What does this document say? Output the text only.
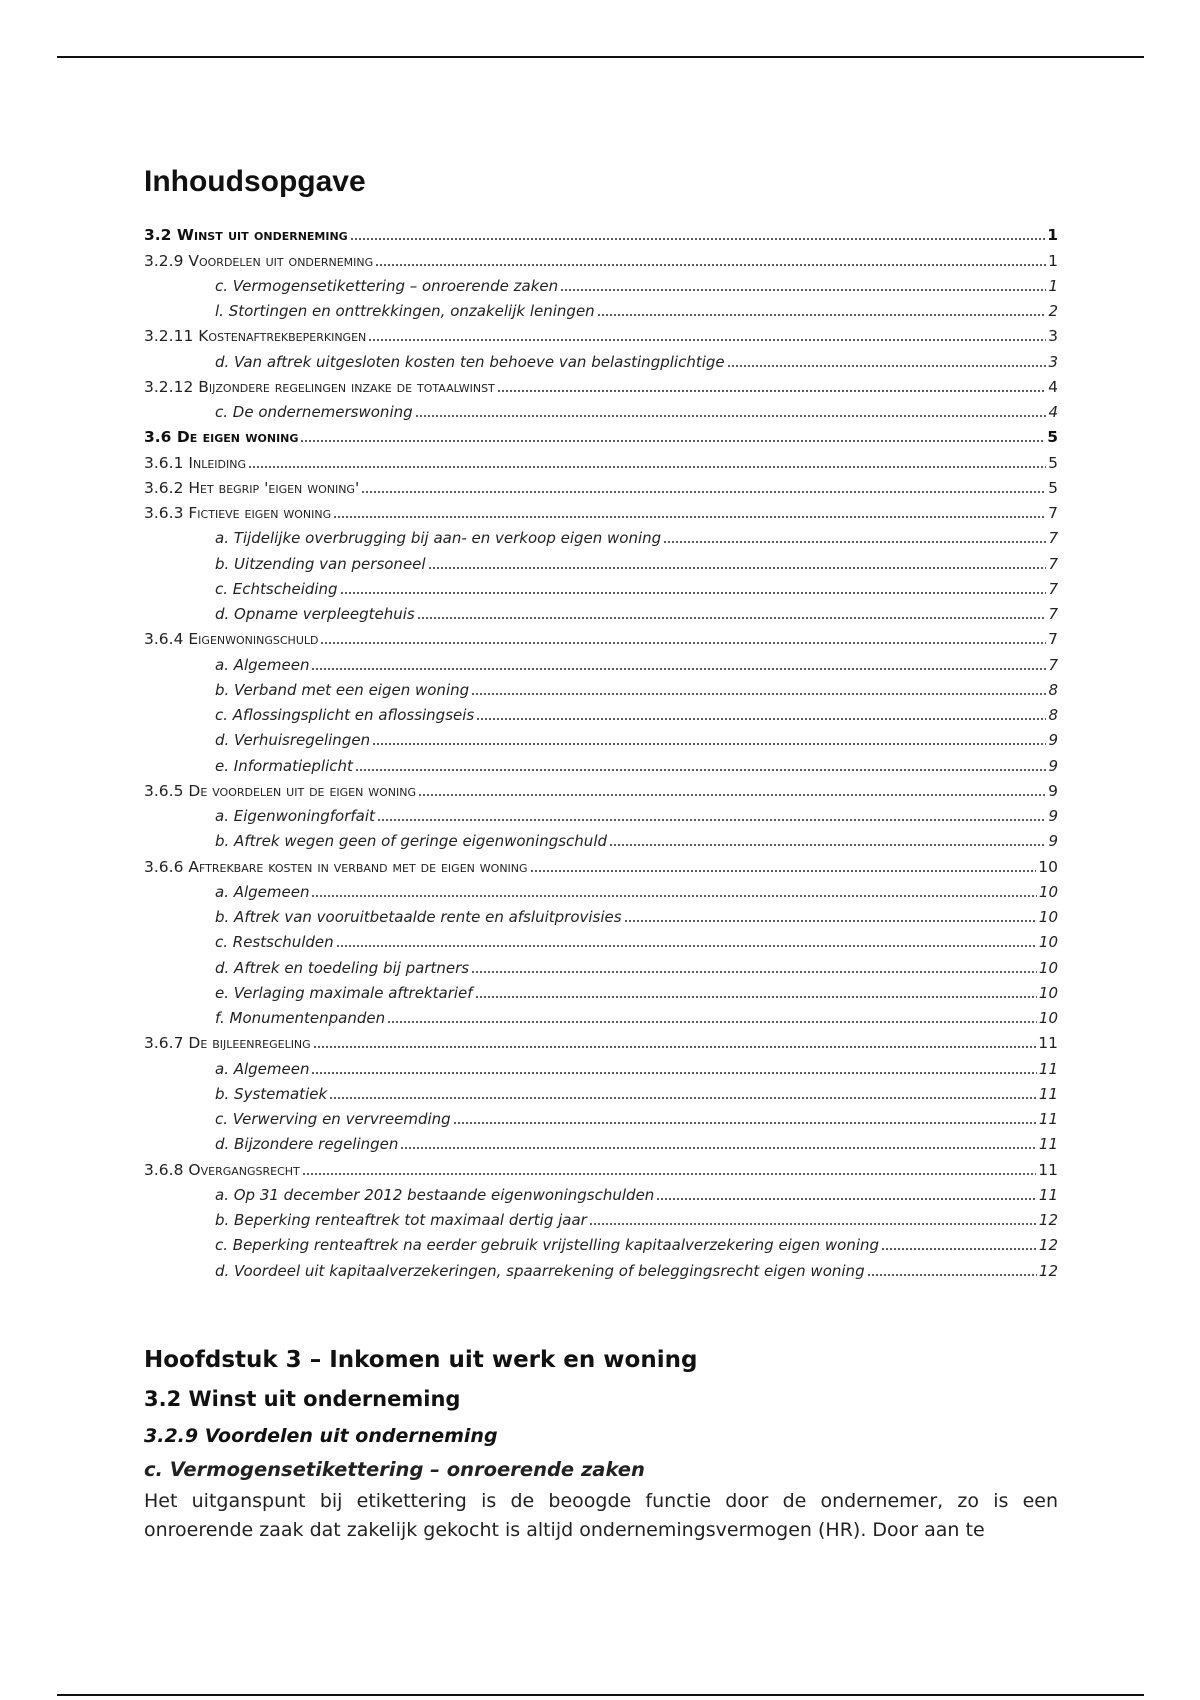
Inhoudsopgave
3.2 Winst uit onderneming	1
3.2.9 Voordelen uit onderneming	1
c. Vermogensetikettering – onroerende zaken	1
l. Stortingen en onttrekkingen, onzakelijk leningen	2
3.2.11 Kostenaftrekbeperkingen	3
d. Van aftrek uitgesloten kosten ten behoeve van belastingplichtige	3
3.2.12 Bijzondere regelingen inzake de totaalwinst	4
c. De ondernemerswoning	4
3.6 De eigen woning	5
3.6.1 Inleiding	5
3.6.2 Het begrip 'eigen woning'	5
3.6.3 Fictieve eigen woning	7
a. Tijdelijke overbrugging bij aan- en verkoop eigen woning	7
b. Uitzending van personeel	7
c. Echtscheiding	7
d. Opname verpleegtehuis	7
3.6.4 Eigenwoningschuld	7
a. Algemeen	7
b. Verband met een eigen woning	8
c. Aflossingsplicht en aflossingseis	8
d. Verhuisregelingen	9
e. Informatieplicht	9
3.6.5 De voordelen uit de eigen woning	9
a. Eigenwoningforfait	9
b. Aftrek wegen geen of geringe eigenwoningschuld	9
3.6.6 Aftrekbare kosten in verband met de eigen woning	10
a. Algemeen	10
b. Aftrek van vooruitbetaalde rente en afsluitprovisies	10
c. Restschulden	10
d. Aftrek en toedeling bij partners	10
e. Verlaging maximale aftrektarief	10
f. Monumentenpanden	10
3.6.7 De bijleenregeling	11
a. Algemeen	11
b. Systematiek	11
c. Verwerving en vervreemding	11
d. Bijzondere regelingen	11
3.6.8 Overgangsrecht	11
a. Op 31 december 2012 bestaande eigenwoningschulden	11
b. Beperking renteaftrek tot maximaal dertig jaar	12
c. Beperking renteaftrek na eerder gebruik vrijstelling kapitaalverzekering eigen woning	12
d. Voordeel uit kapitaalverzekeringen, spaarrekening of beleggingsrecht eigen woning	12
Hoofdstuk 3 – Inkomen uit werk en woning
3.2 Winst uit onderneming
3.2.9 Voordelen uit onderneming
c. Vermogensetikettering – onroerende zaken

Het uitganspunt bij etikettering is de beoogde functie door de ondernemer, zo is een onroerende zaak dat zakelijk gekocht is altijd ondernemingsvermogen (HR). Door aan te
